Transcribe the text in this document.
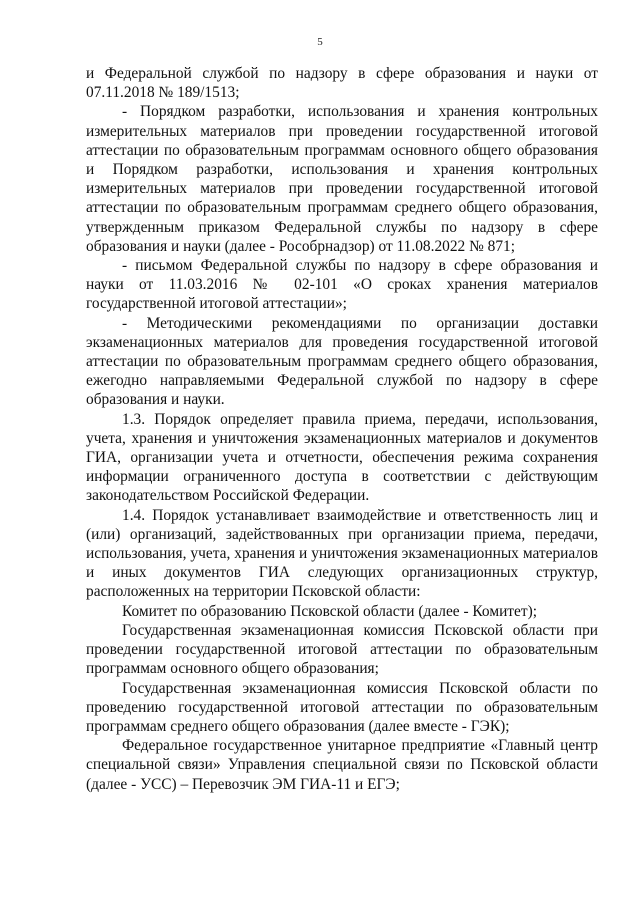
5

и Федеральной службой по надзору в сфере образования и науки от 07.11.2018 № 189/1513;

- Порядком разработки, использования и хранения контрольных измерительных материалов при проведении государственной итоговой аттестации по образовательным программам основного общего образования и Порядком разработки, использования и хранения контрольных измерительных материалов при проведении государственной итоговой аттестации по образовательным программам среднего общего образования, утвержденным приказом Федеральной службы по надзору в сфере образования и науки (далее - Рособрнадзор) от 11.08.2022 № 871;

- письмом Федеральной службы по надзору в сфере образования и науки от 11.03.2016 № 02-101 «О сроках хранения материалов государственной итоговой аттестации»;

- Методическими рекомендациями по организации доставки экзаменационных материалов для проведения государственной итоговой аттестации по образовательным программам среднего общего образования, ежегодно направляемыми Федеральной службой по надзору в сфере образования и науки.

1.3. Порядок определяет правила приема, передачи, использования, учета, хранения и уничтожения экзаменационных материалов и документов ГИА, организации учета и отчетности, обеспечения режима сохранения информации ограниченного доступа в соответствии с действующим законодательством Российской Федерации.

1.4. Порядок устанавливает взаимодействие и ответственность лиц и (или) организаций, задействованных при организации приема, передачи, использования, учета, хранения и уничтожения экзаменационных материалов и иных документов ГИА следующих организационных структур, расположенных на территории Псковской области:

Комитет по образованию Псковской области (далее - Комитет);

Государственная экзаменационная комиссия Псковской области при проведении государственной итоговой аттестации по образовательным программам основного общего образования;

Государственная экзаменационная комиссия Псковской области по проведению государственной итоговой аттестации по образовательным программам среднего общего образования (далее вместе - ГЭК);

Федеральное государственное унитарное предприятие «Главный центр специальной связи» Управления специальной связи по Псковской области (далее - УСС) – Перевозчик ЭМ ГИА-11 и ЕГЭ;
